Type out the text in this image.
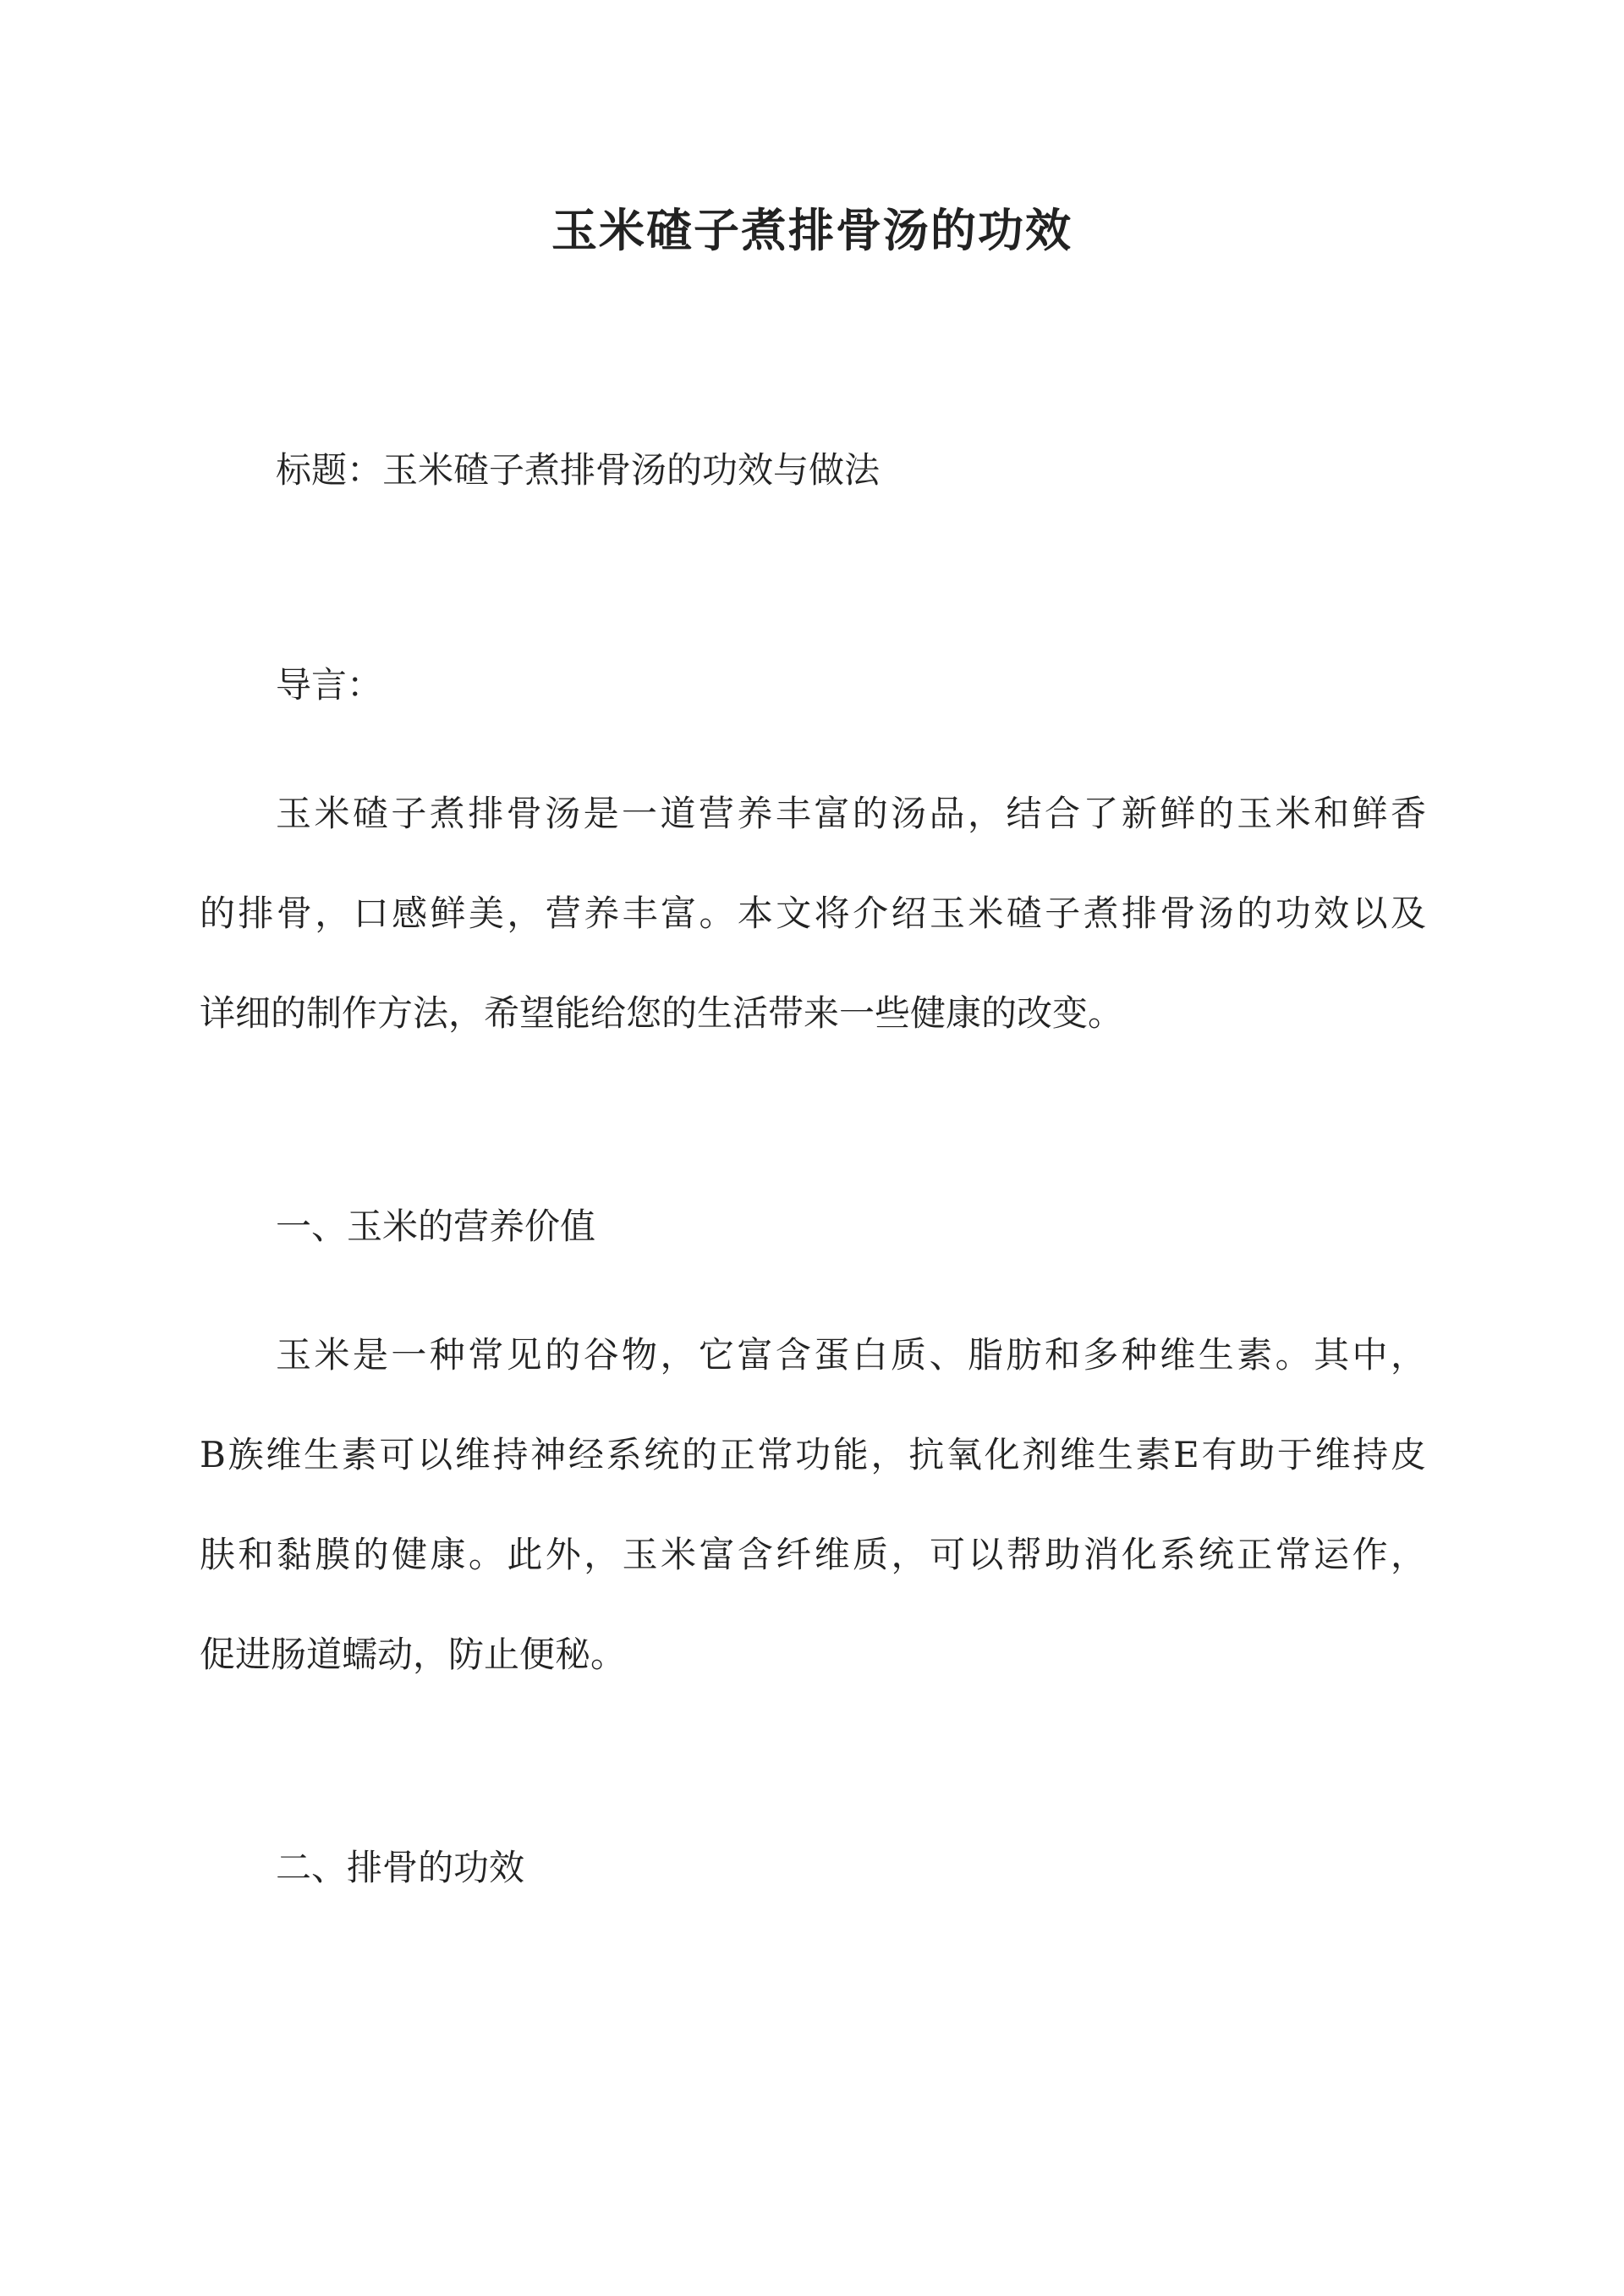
玉米碴子煮排骨汤的功效
标题：玉米碴子煮排骨汤的功效与做法
导言：
玉米碴子煮排骨汤是一道营养丰富的汤品，结合了新鲜的玉米和鲜香
的排骨，口感鲜美，营养丰富。本文将介绍玉米碴子煮排骨汤的功效以及
详细的制作方法，希望能给您的生活带来一些健康的改变。
一、玉米的营养价值
玉米是一种常见的谷物，它富含蛋白质、脂肪和多种维生素。其中，
B族维生素可以维持神经系统的正常功能，抗氧化剂维生素E有助于维持皮
肤和黏膜的健康。此外，玉米富含纤维质，可以帮助消化系统正常运作，
促进肠道蠕动，防止便秘。
二、排骨的功效
